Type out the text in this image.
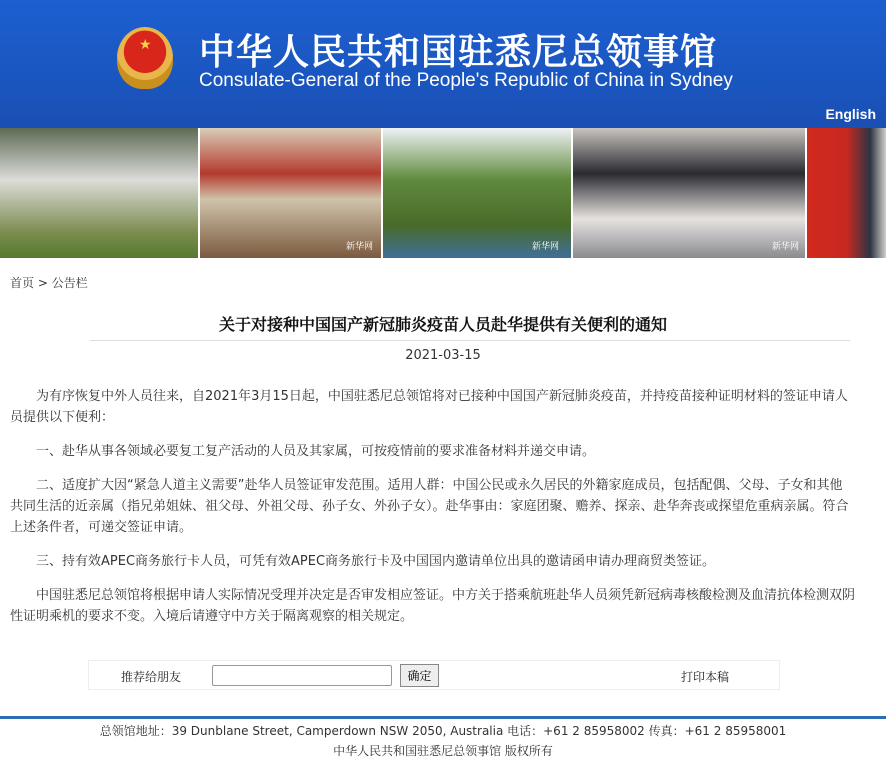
★ 中华人民共和国驻悉尼总领事馆
Consulate-General of the People's Republic of China in Sydney
English
新华网	新华网	新华网
首页 > 公告栏
关于对接种中国国产新冠肺炎疫苗人员赴华提供有关便利的通知
2021-03-15

为有序恢复中外人员往来，自2021年3月15日起，中国驻悉尼总领馆将对已接种中国国产新冠肺炎疫苗，并持疫苗接种证明材料的签证申请人员提供以下便利：

一、赴华从事各领域必要复工复产活动的人员及其家属，可按疫情前的要求准备材料并递交申请。

二、适度扩大因“紧急人道主义需要”赴华人员签证审发范围。适用人群：中国公民或永久居民的外籍家庭成员，包括配偶、父母、子女和其他共同生活的近亲属（指兄弟姐妹、祖父母、外祖父母、孙子女、外孙子女）。赴华事由：家庭团聚、赡养、探亲、赴华奔丧或探望危重病亲属。符合上述条件者，可递交签证申请。

三、持有效APEC商务旅行卡人员，可凭有效APEC商务旅行卡及中国国内邀请单位出具的邀请函申请办理商贸类签证。

中国驻悉尼总领馆将根据申请人实际情况受理并决定是否审发相应签证。中方关于搭乘航班赴华人员须凭新冠病毒核酸检测及血清抗体检测双阴性证明乘机的要求不变。入境后请遵守中方关于隔离观察的相关规定。

推荐给朋友	确定	打印本稿
总领馆地址：39 Dunblane Street, Camperdown NSW 2050, Australia 电话：+61 2 85958002 传真：+61 2 85958001
中华人民共和国驻悉尼总领事馆 版权所有
